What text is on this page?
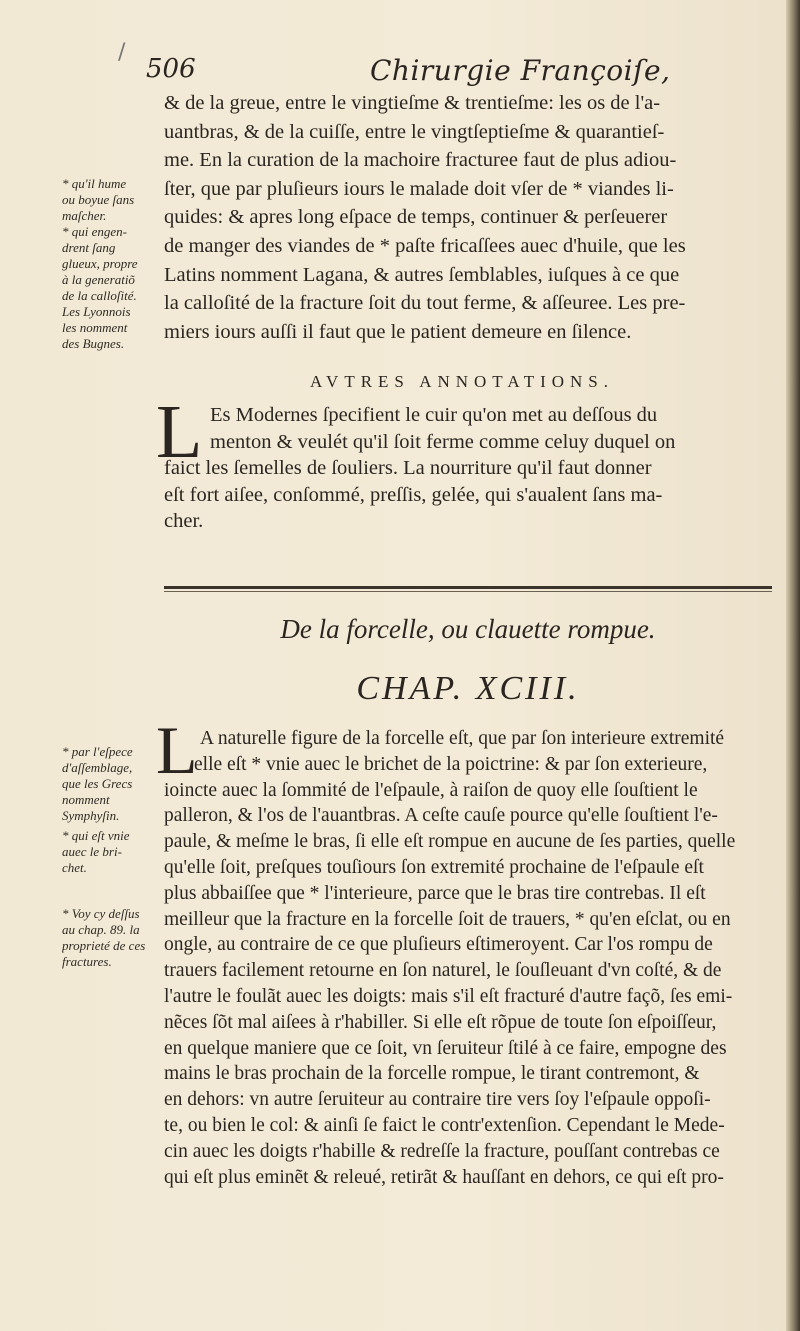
/
506	Chirurgie Françoiſe,
& de la greue, entre le vingtieſme & trentieſme: les os de l'a-
uantbras, & de la cuiſſe, entre le vingtſeptieſme & quarantieſ-
me. En la curation de la machoire fracturee faut de plus adiou-
ſter, que par pluſieurs iours le malade doit vſer de * viandes li-
quides: & apres long eſpace de temps, continuer & perſeuerer
de manger des viandes de * paſte fricaſſees auec d'huile, que les
Latins nomment Lagana, & autres ſemblables, iuſques à ce que
la calloſité de la fracture ſoit du tout ferme, & aſſeuree. Les pre-
miers iours auſſi il faut que le patient demeure en ſilence.
* qu'il hume
ou boyue ſans
maſcher.
* qui engen-
drent ſang
glueux, propre
à la generatiõ
de la calloſité.
Les Lyonnois
les nomment
des Bugnes.
AVTRES ANNOTATIONS.
L Es Modernes ſpecifient le cuir qu'on met au deſſous du
menton & veulét qu'il ſoit ferme comme celuy duquel on
faict les ſemelles de ſouliers. La nourriture qu'il faut donner
eſt fort aiſee, conſommé, preſſis, gelée, qui s'aualent ſans ma-
cher.
De la forcelle, ou clauette rompue.
CHAP. XCIII.
L A naturelle figure de la forcelle eſt, que par ſon interieure extremité
elle eſt * vnie auec le brichet de la poictrine: & par ſon exterieure,
ioincte auec la ſommité de l'eſpaule, à raiſon de quoy elle ſouſtient le
palleron, & l'os de l'auantbras. A ceſte cauſe pource qu'elle ſouſtient l'e-
paule, & meſme le bras, ſi elle eſt rompue en aucune de ſes parties, quelle
qu'elle ſoit, preſques touſiours ſon extremité prochaine de l'eſpaule eſt
plus abbaiſſee que * l'interieure, parce que le bras tire contrebas. Il eſt
meilleur que la fracture en la forcelle ſoit de trauers, * qu'en eſclat, ou en
ongle, au contraire de ce que pluſieurs eſtimeroyent. Car l'os rompu de
trauers facilement retourne en ſon naturel, le ſouſleuant d'vn coſté, & de
l'autre le foulãt auec les doigts: mais s'il eſt fracturé d'autre façõ, ſes emi-
nẽces ſõt mal aiſees à r'habiller. Si elle eſt rõpue de toute ſon eſpoiſſeur,
en quelque maniere que ce ſoit, vn ſeruiteur ſtilé à ce faire, empogne des
mains le bras prochain de la forcelle rompue, le tirant contremont, &
en dehors: vn autre ſeruiteur au contraire tire vers ſoy l'eſpaule oppoſi-
te, ou bien le col: & ainſi ſe faict le contr'extenſion. Cependant le Mede-
cin auec les doigts r'habille & redreſſe la fracture, pouſſant contrebas ce
qui eſt plus eminẽt & releué, retirãt & hauſſant en dehors, ce qui eſt pro-
* par l'eſpece
d'aſſemblage,
que les Grecs
nomment
Symphyſin.
* qui eſt vnie
auec le bri-
chet.
* Voy cy deſſus
au chap. 89. la
proprieté de ces
fractures.
